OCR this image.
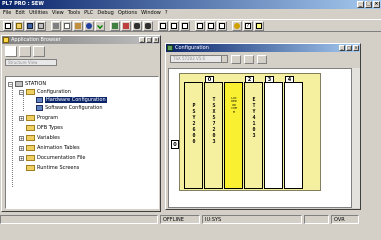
PL7 PRO : SEW	_ □ ×
File Edit Utilities View Tools PLC Debug Options Window ?
?
Application Browser	_	□ ×
Structure View
−	STATION
−	Configuration
Hardware Configuration
Software Configuration
+	Program
DFB Types
+	Variables
+	Animation Tables
+	Documentation File
Runtime Screens
Configuration	_	□ ×
TSX 57203 V5.6
0
PSY 2600
0
TSX 57203
LOCKED 00 COMM
2
ETY 4103
3	4
OFFLINE	IU:SYS	OVR
